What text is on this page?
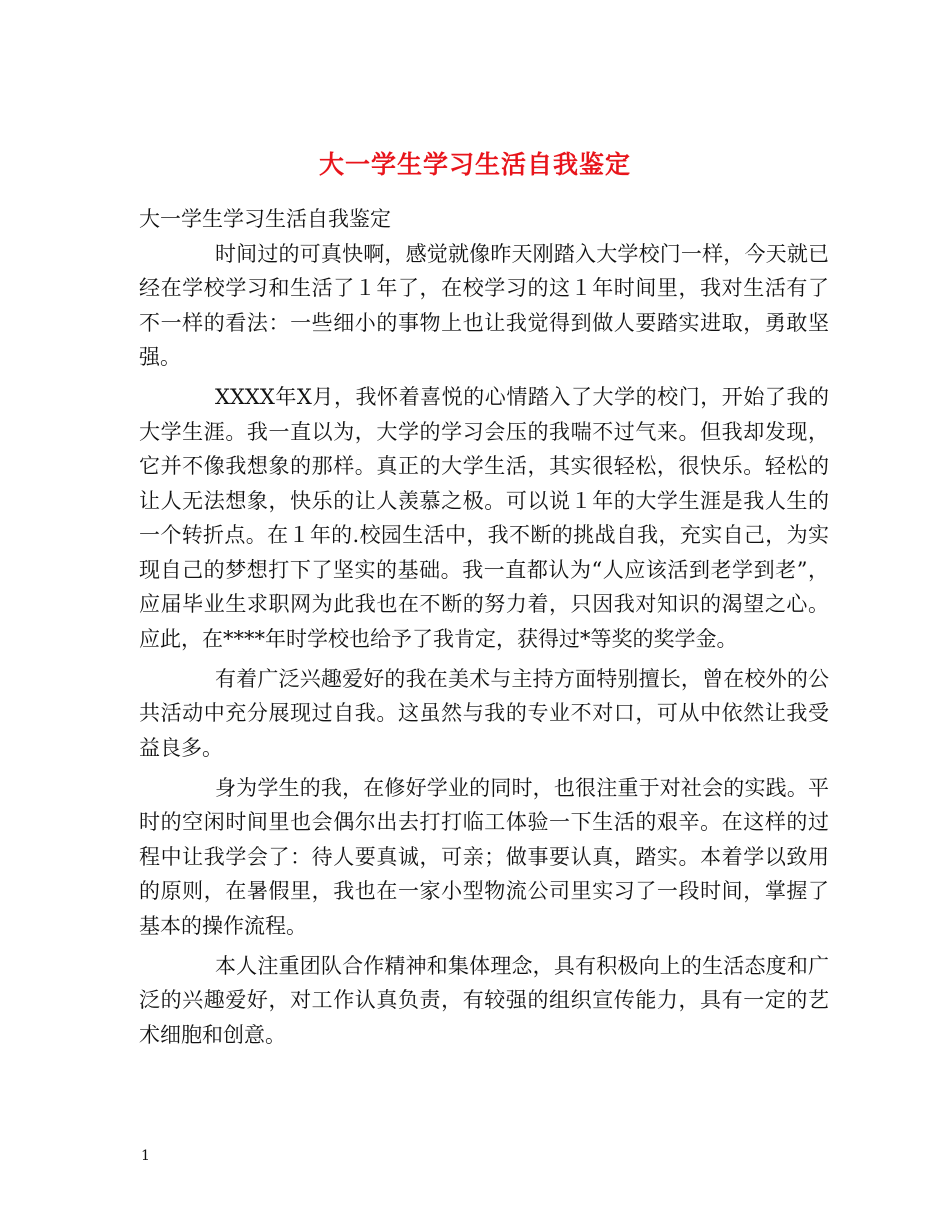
大一学生学习生活自我鉴定

大一学生学习生活自我鉴定

时间过的可真快啊，感觉就像昨天刚踏入大学校门一样，今天就已经在学校学习和生活了１年了，在校学习的这１年时间里，我对生活有了不一样的看法：一些细小的事物上也让我觉得到做人要踏实进取，勇敢坚强。

XXXX年X月，我怀着喜悦的心情踏入了大学的校门，开始了我的大学生涯。我一直以为，大学的学习会压的我喘不过气来。但我却发现，它并不像我想象的那样。真正的大学生活，其实很轻松，很快乐。轻松的让人无法想象，快乐的让人羡慕之极。可以说１年的大学生涯是我人生的一个转折点。在１年的.校园生活中，我不断的挑战自我，充实自己，为实现自己的梦想打下了坚实的基础。我一直都认为“人应该活到老学到老”，应届毕业生求职网为此我也在不断的努力着，只因我对知识的渴望之心。应此，在****年时学校也给予了我肯定，获得过*等奖的奖学金。

有着广泛兴趣爱好的我在美术与主持方面特别擅长，曾在校外的公共活动中充分展现过自我。这虽然与我的专业不对口，可从中依然让我受益良多。

身为学生的我，在修好学业的同时，也很注重于对社会的实践。平时的空闲时间里也会偶尔出去打打临工体验一下生活的艰辛。在这样的过程中让我学会了：待人要真诚，可亲；做事要认真，踏实。本着学以致用的原则，在暑假里，我也在一家小型物流公司里实习了一段时间，掌握了基本的操作流程。

本人注重团队合作精神和集体理念，具有积极向上的生活态度和广泛的兴趣爱好，对工作认真负责，有较强的组织宣传能力，具有一定的艺术细胞和创意。

1
